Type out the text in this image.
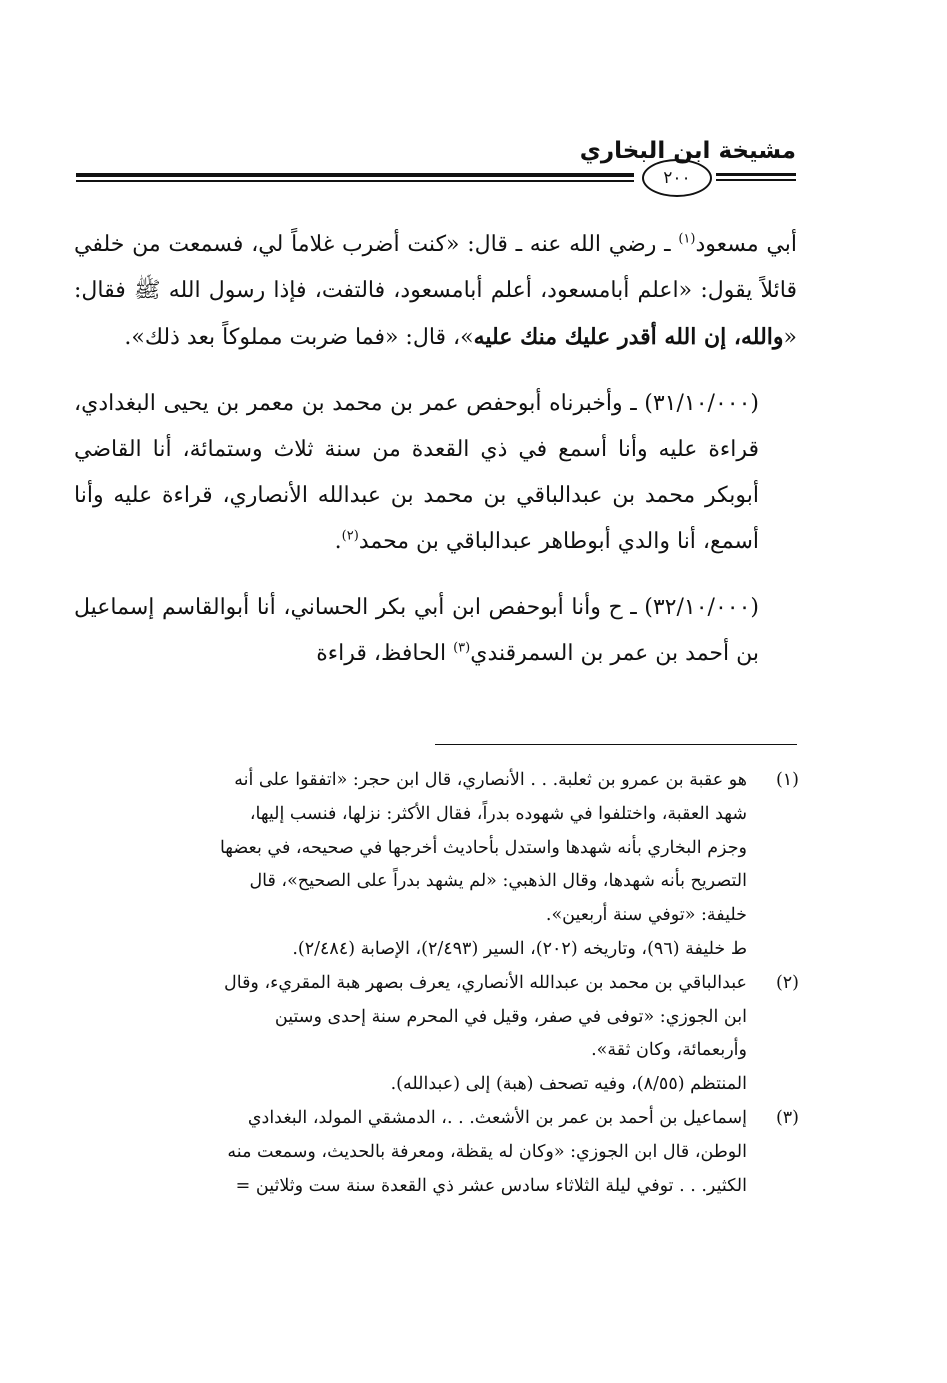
مشيخة ابن البخاري
٢٠٠

أبي مسعود$^{(١)}$ ـ رضي الله عنه ـ قال: «كنت أضرب غلاماً لي، فسمعت من خلفي قائلاً يقول: «اعلم أبامسعود، أعلم أبامسعود، فالتفت، فإذا رسول الله ﷺ فقال: «والله، إن الله أقدر عليك منك عليه»، قال: «فما ضربت مملوكاً بعد ذلك».

(٣١/١٠/٠٠٠) ـ وأخبرناه أبوحفص عمر بن محمد بن معمر بن يحيى البغدادي، قراءة عليه وأنا أسمع في ذي القعدة من سنة ثلاث وستمائة، أنا القاضي أبوبكر محمد بن عبدالباقي بن محمد بن عبدالله الأنصاري، قراءة عليه وأنا أسمع، أنا والدي أبوطاهر عبدالباقي بن محمد$^{(٢)}$.

(٣٢/١٠/٠٠٠) ـ ح وأنا أبوحفص ابن أبي بكر الحساني، أنا أبوالقاسم إسماعيل بن أحمد بن عمر بن السمرقندي$^{(٣)}$ الحافظ، قراءة

(١)
هو عقبة بن عمرو بن ثعلبة. . . الأنصاري، قال ابن حجر: «اتفقوا على أنه
شهد العقبة، واختلفوا في شهوده بدراً، فقال الأكثر: نزلها، فنسب إليها،
وجزم البخاري بأنه شهدها واستدل بأحاديث أخرجها في صحيحه، في بعضها
التصريح بأنه شهدها، وقال الذهبي: «لم يشهد بدراً على الصحيح»، قال
خليفة: «توفي سنة أربعين».
ط خليفة (٩٦)، وتاريخه (٢٠٢)، السير (٢/٤٩٣)، الإصابة (٢/٤٨٤).
(٢)
عبدالباقي بن محمد بن عبدالله الأنصاري، يعرف بصهر هبة المقريء، وقال
ابن الجوزي: «توفى في صفر، وقيل في المحرم سنة إحدى وستين
وأربعمائة، وكان ثقة».
المنتظم (٨/٥٥)، وفيه تصحف (هبة) إلى (عبدالله).
(٣)
إسماعيل بن أحمد بن عمر بن الأشعث. . .، الدمشقي المولد، البغدادي
الوطن، قال ابن الجوزي: «وكان له يقظة، ومعرفة بالحديث، وسمعت منه
الكثير. . . توفي ليلة الثلاثاء سادس عشر ذي القعدة سنة ست وثلاثين =
